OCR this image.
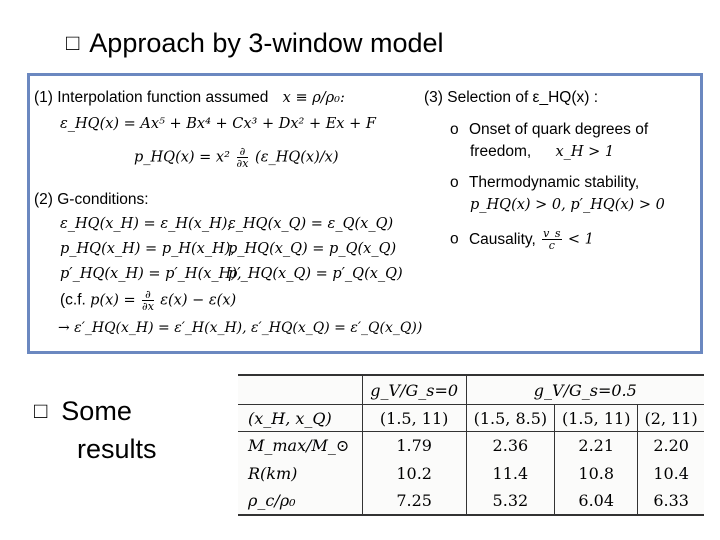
□ Approach by 3-window model
(1) Interpolation function assumed x ≡ ρ/ρ₀:
ε_HQ(x) = Ax⁵ + Bx⁴ + Cx³ + Dx² + Ex + F
p_HQ(x) = $x^2 \frac{\partial}{\partial x}$ (ε_HQ(x)/x)
(2) G-conditions:
ε_HQ(x_H) = ε_H(x_H),
ε_HQ(x_Q) = ε_Q(x_Q)
p_HQ(x_H) = p_H(x_H),
p_HQ(x_Q) = p_Q(x_Q)
p′_HQ(x_H) = p′_H(x_H),
p′_HQ(x_Q) = p′_Q(x_Q)
(c.f. $p(x) = \frac{\partial}{\partial x} \varepsilon(x) - \varepsilon(x)$
→ ε′_HQ(x_H) = ε′_H(x_H), ε′_HQ(x_Q) = ε′_Q(x_Q))
(3) Selection of ε_HQ(x) :
o Onset of quark degrees of
freedom, x_H > 1
o Thermodynamic stability,
p_HQ(x) > 0, p′_HQ(x) > 0
o Causality, $\frac{v\_s}{c} < 1$
□ Some
results
	g_V/G_s=0	g_V/G_s=0.5		
(x_H, x_Q)	(1.5, 11)	(1.5, 8.5)	(1.5, 11)	(2, 11)
M_max/M_⊙	1.79	2.36	2.21	2.20
R(km)	10.2	11.4	10.8	10.4
ρ_c/ρ₀	7.25	5.32	6.04	6.33
